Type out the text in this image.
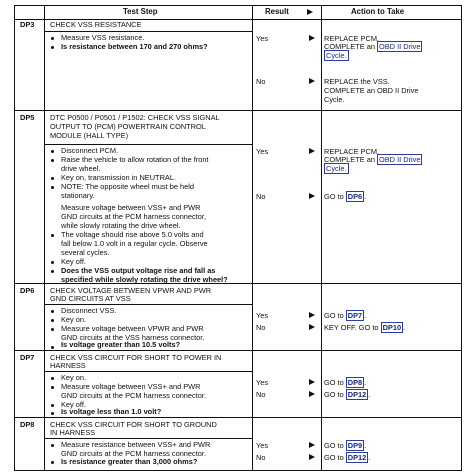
Test Step	Result	Action to Take
DP3 CHECK VSS RESISTANCE
Measure VSS resistance.
Is resistance between 170 and 270 ohms?
Yes	REPLACE PCM.
COMPLETE an OBD II Drive
Cycle.
No	REPLACE the VSS.
COMPLETE an OBD II Drive
Cycle.
DP5 DTC P0500 / P0501 / P1502: CHECK VSS SIGNAL
OUTPUT TO (PCM) POWERTRAIN CONTROL
MODULE (HALL TYPE)
Disconnect PCM.
Raise the vehicle to allow rotation of the front
drive wheel.
Key on, transmission in NEUTRAL.
NOTE: The opposite wheel must be held
stationary.
Measure voltage between VSS+ and PWR
GND circuits at the PCM harness connector,
while slowly rotating the drive wheel.
The voltage should rise above 5.0 volts and
fall below 1.0 volt in a regular cycle. Observe
several cycles.
Key off.
Does the VSS output voltage rise and fall as
specified while slowly rotating the drive wheel?
Yes	REPLACE PCM.
COMPLETE an OBD II Drive
Cycle.
No	GO to DP6 .
DP6 CHECK VOLTAGE BETWEEN VPWR AND PWR
GND CIRCUITS AT VSS
Disconnect VSS.
Key on.
Measure voltage between VPWR and PWR
GND circuits at the VSS harness connector.
Is voltage greater than 10.5 volts?
Yes	GO to DP7 .
No	KEY OFF. GO to DP10 .
DP7 CHECK VSS CIRCUIT FOR SHORT TO POWER IN
HARNESS
Key on.
Measure voltage between VSS+ and PWR
GND circuits at the PCM harness connector.
Key off.
Is voltage less than 1.0 volt?
Yes	GO to DP8 .
No	GO to DP12 .
DP8 CHECK VSS CIRCUIT FOR SHORT TO GROUND
IN HARNESS
Measure resistance between VSS+ and PWR
GND circuits at the PCM harness connector.
Is resistance greater than 3,000 ohms?
Yes	GO to DP9 .
No	GO to DP12 .
